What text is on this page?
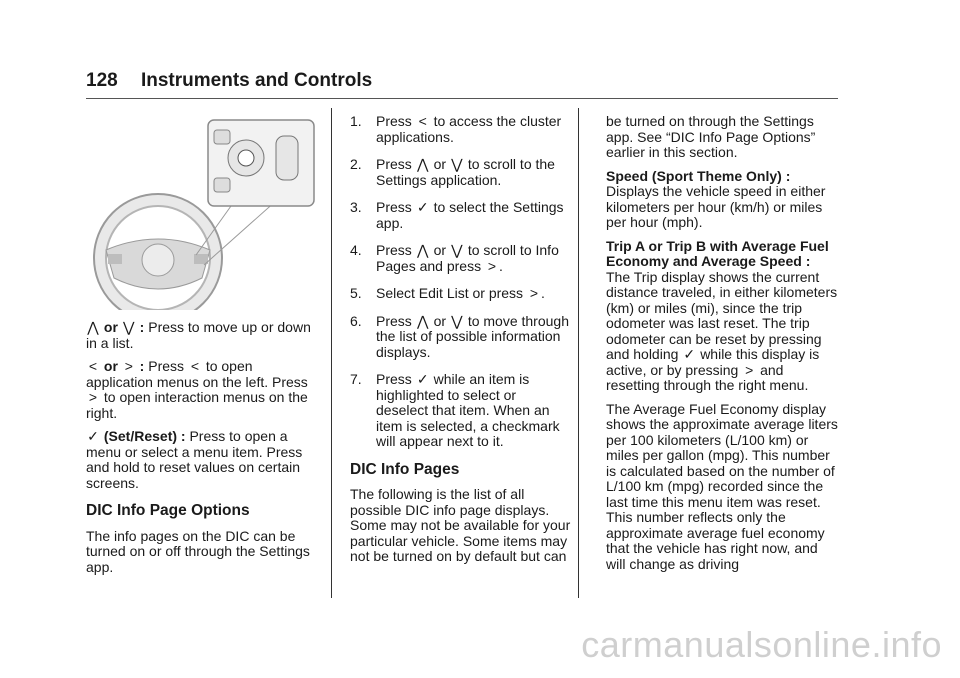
128 Instruments and Controls

⋀ or ⋁ : Press to move up or down in a list.

< or > : Press < to open application menus on the left. Press > to open interaction menus on the right.

✓ (Set/Reset) : Press to open a menu or select a menu item. Press and hold to reset values on certain screens.

DIC Info Page Options

The info pages on the DIC can be turned on or off through the Settings app.

1. Press < to access the cluster applications.
2. Press ⋀ or ⋁ to scroll to the Settings application.
3. Press ✓ to select the Settings app.
4. Press ⋀ or ⋁ to scroll to Info Pages and press > .
5. Select Edit List or press > .
6. Press ⋀ or ⋁ to move through the list of possible information displays.
7. Press ✓ while an item is highlighted to select or deselect that item. When an item is selected, a checkmark will appear next to it.
DIC Info Pages

The following is the list of all possible DIC info page displays. Some may not be available for your particular vehicle. Some items may not be turned on by default but can

be turned on through the Settings app. See “DIC Info Page Options” earlier in this section.

Speed (Sport Theme Only) :
Displays the vehicle speed in either kilometers per hour (km/h) or miles per hour (mph).

Trip A or Trip B with Average Fuel Economy and Average Speed :
The Trip display shows the current distance traveled, in either kilometers (km) or miles (mi), since the trip odometer was last reset. The trip odometer can be reset by pressing and holding ✓ while this display is active, or by pressing > and resetting through the right menu.

The Average Fuel Economy display shows the approximate average liters per 100 kilometers (L/100 km) or miles per gallon (mpg). This number is calculated based on the number of L/100 km (mpg) recorded since the last time this menu item was reset. This number reflects only the approximate average fuel economy that the vehicle has right now, and will change as driving

carmanualsonline.info
